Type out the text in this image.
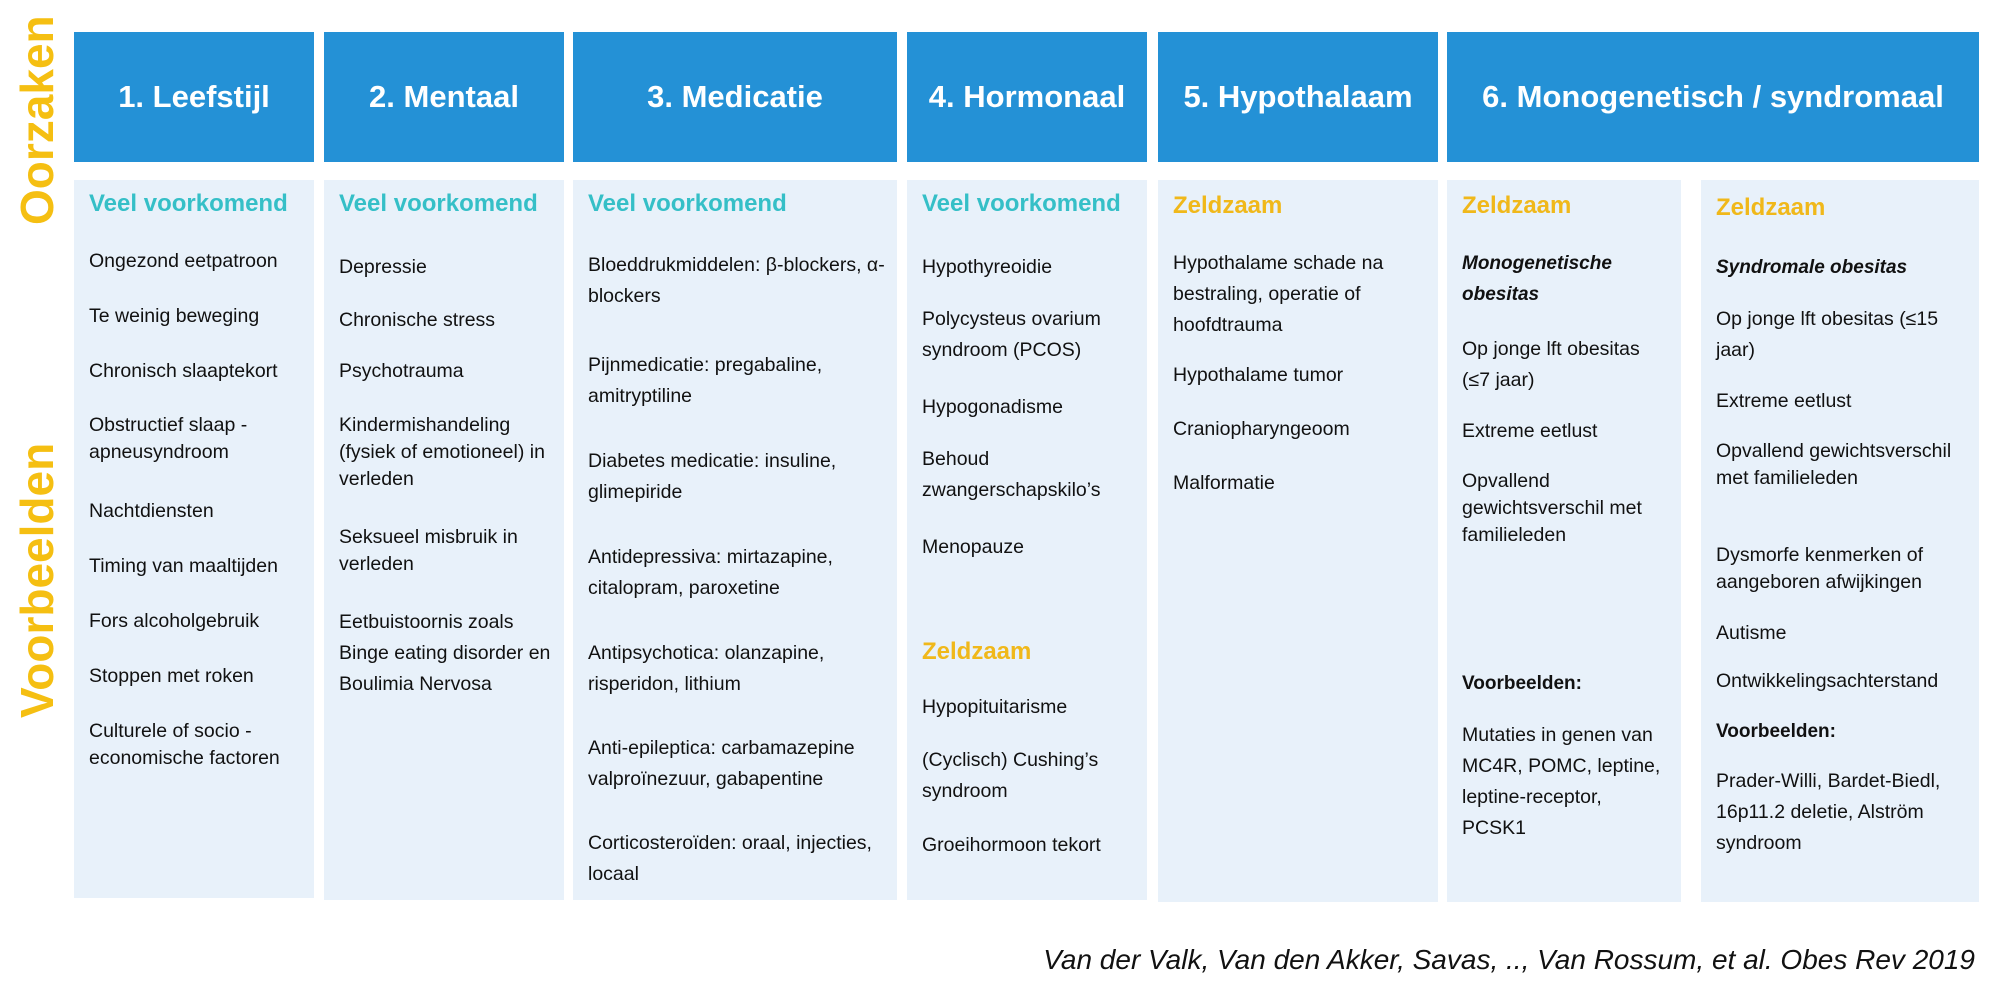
Oorzaken
Voorbeelden
1. Leefstijl	2. Mentaal	3. Medicatie	4. Hormonaal	5. Hypothalaam	6. Monogenetisch / syndromaal
Veel voorkomend
Ongezond eetpatroon
Te weinig beweging
Chronisch slaaptekort
Obstructief slaap - apneusyndroom
Nachtdiensten
Timing van maaltijden
Fors alcoholgebruik
Stoppen met roken
Culturele of socio - economische factoren
Veel voorkomend
Depressie
Chronische stress
Psychotrauma
Kindermishandeling (fysiek of emotioneel) in verleden
Seksueel misbruik in verleden
Eetbuistoornis zoals Binge eating disorder en Boulimia Nervosa
Veel voorkomend
Bloeddrukmiddelen: β-blockers, α-blockers
Pijnmedicatie: pregabaline, amitryptiline
Diabetes medicatie: insuline, glimepiride
Antidepressiva: mirtazapine, citalopram, paroxetine
Antipsychotica: olanzapine, risperidon, lithium
Anti-epileptica: carbamazepine valproïnezuur, gabapentine
Corticosteroïden: oraal, injecties, locaal
Veel voorkomend
Hypothyreoidie
Polycysteus ovarium syndroom (PCOS)
Hypogonadisme
Behoud zwangerschapskilo’s
Menopauze
Zeldzaam
Hypopituitarisme
(Cyclisch) Cushing’s syndroom
Groeihormoon tekort
Zeldzaam
Hypothalame schade na bestraling, operatie of hoofdtrauma
Hypothalame tumor
Craniopharyngeoom
Malformatie
Zeldzaam
Monogenetische obesitas
Op jonge lft obesitas (≤7 jaar)
Extreme eetlust
Opvallend gewichtsverschil met familieleden
Voorbeelden:
Mutaties in genen van MC4R, POMC, leptine, leptine-receptor, PCSK1
Zeldzaam
Syndromale obesitas
Op jonge lft obesitas (≤15 jaar)
Extreme eetlust
Opvallend gewichtsverschil met familieleden
Dysmorfe kenmerken of aangeboren afwijkingen
Autisme
Ontwikkelingsachterstand
Voorbeelden:
Prader-Willi, Bardet-Biedl, 16p11.2 deletie, Alström syndroom
Van der Valk, Van den Akker, Savas, .., Van Rossum, et al. Obes Rev 2019
